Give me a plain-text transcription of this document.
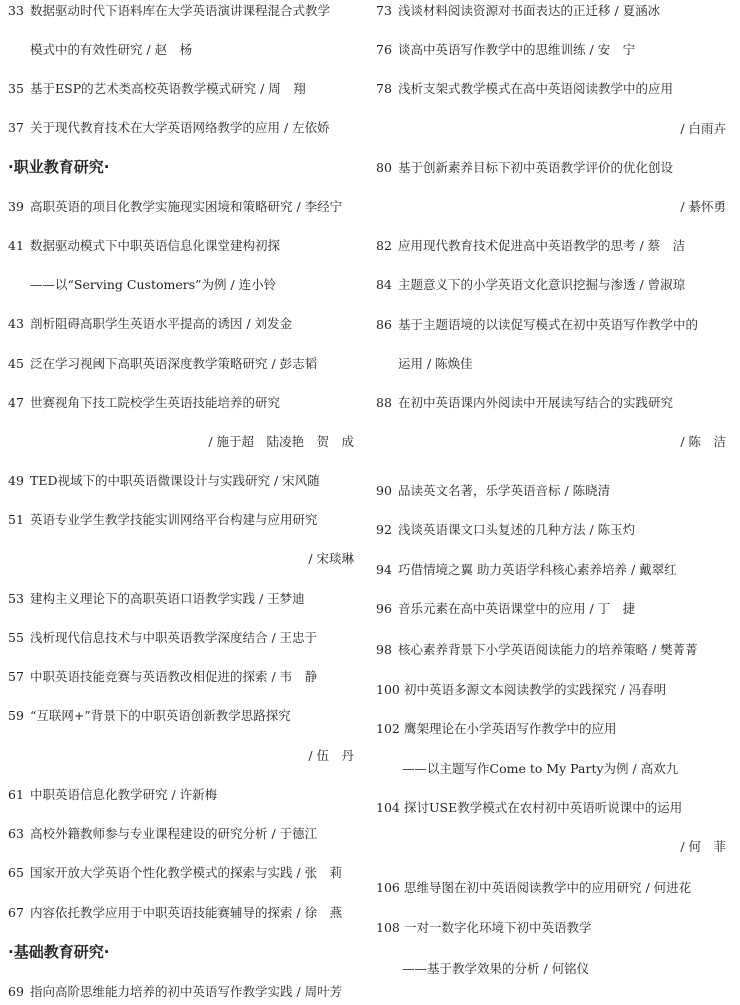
33 数据驱动时代下语料库在大学英语演讲课程混合式教学
模式中的有效性研究 / 赵　杨
35 基于ESP的艺术类高校英语教学模式研究 / 周　翔
37 关于现代教育技术在大学英语网络教学的应用 / 左依娇
·职业教育研究·
39 高职英语的项目化教学实施现实困境和策略研究 / 李经宁
41 数据驱动模式下中职英语信息化课堂建构初探
——以“Serving Customers”为例 / 连小铃
43 剖析阻碍高职学生英语水平提高的诱因 / 刘发金
45 泛在学习视阈下高职英语深度教学策略研究 / 彭志韬
47 世赛视角下技工院校学生英语技能培养的研究
/ 施于超　陆凌艳　贺　成
49 TED视域下的中职英语微课设计与实践研究 / 宋风随
51 英语专业学生教学技能实训网络平台构建与应用研究
/ 宋琰琳
53 建构主义理论下的高职英语口语教学实践 / 王梦迪
55 浅析现代信息技术与中职英语教学深度结合 / 王忠于
57 中职英语技能竞赛与英语教改相促进的探索 / 韦　静
59 “互联网+”背景下的中职英语创新教学思路探究
/ 伍　丹
61 中职英语信息化教学研究 / 许新梅
63 高校外籍教师参与专业课程建设的研究分析 / 于德江
65 国家开放大学英语个性化教学模式的探索与实践 / 张　莉
67 内容依托教学应用于中职英语技能赛辅导的探索 / 徐　燕
·基础教育研究·
69 指向高阶思维能力培养的初中英语写作教学实践 / 周叶芳
73 浅谈材料阅读资源对书面表达的正迁移 / 夏涵冰
76 谈高中英语写作教学中的思维训练 / 安　宁
78 浅析支架式教学模式在高中英语阅读教学中的应用
/ 白雨卉
80 基于创新素养目标下初中英语教学评价的优化创设
/ 綦怀勇
82 应用现代教育技术促进高中英语教学的思考 / 蔡　洁
84 主题意义下的小学英语文化意识挖掘与渗透 / 曾淑琼
86 基于主题语境的以读促写模式在初中英语写作教学中的
运用 / 陈焕佳
88 在初中英语课内外阅读中开展读写结合的实践研究
/ 陈　洁
90 品读英文名著，乐学英语音标 / 陈晓清
92 浅谈英语课文口头复述的几种方法 / 陈玉灼
94 巧借情境之翼 助力英语学科核心素养培养 / 戴翠红
96 音乐元素在高中英语课堂中的应用 / 丁　捷
98 核心素养背景下小学英语阅读能力的培养策略 / 樊菁菁
100 初中英语多源文本阅读教学的实践探究 / 冯春明
102 鹰架理论在小学英语写作教学中的应用
——以主题写作Come to My Party为例 / 高欢九
104 探讨USE教学模式在农村初中英语听说课中的运用
/ 何　菲
106 思维导图在初中英语阅读教学中的应用研究 / 何进花
108 一对一数字化环境下初中英语教学
——基于教学效果的分析 / 何铭仪
